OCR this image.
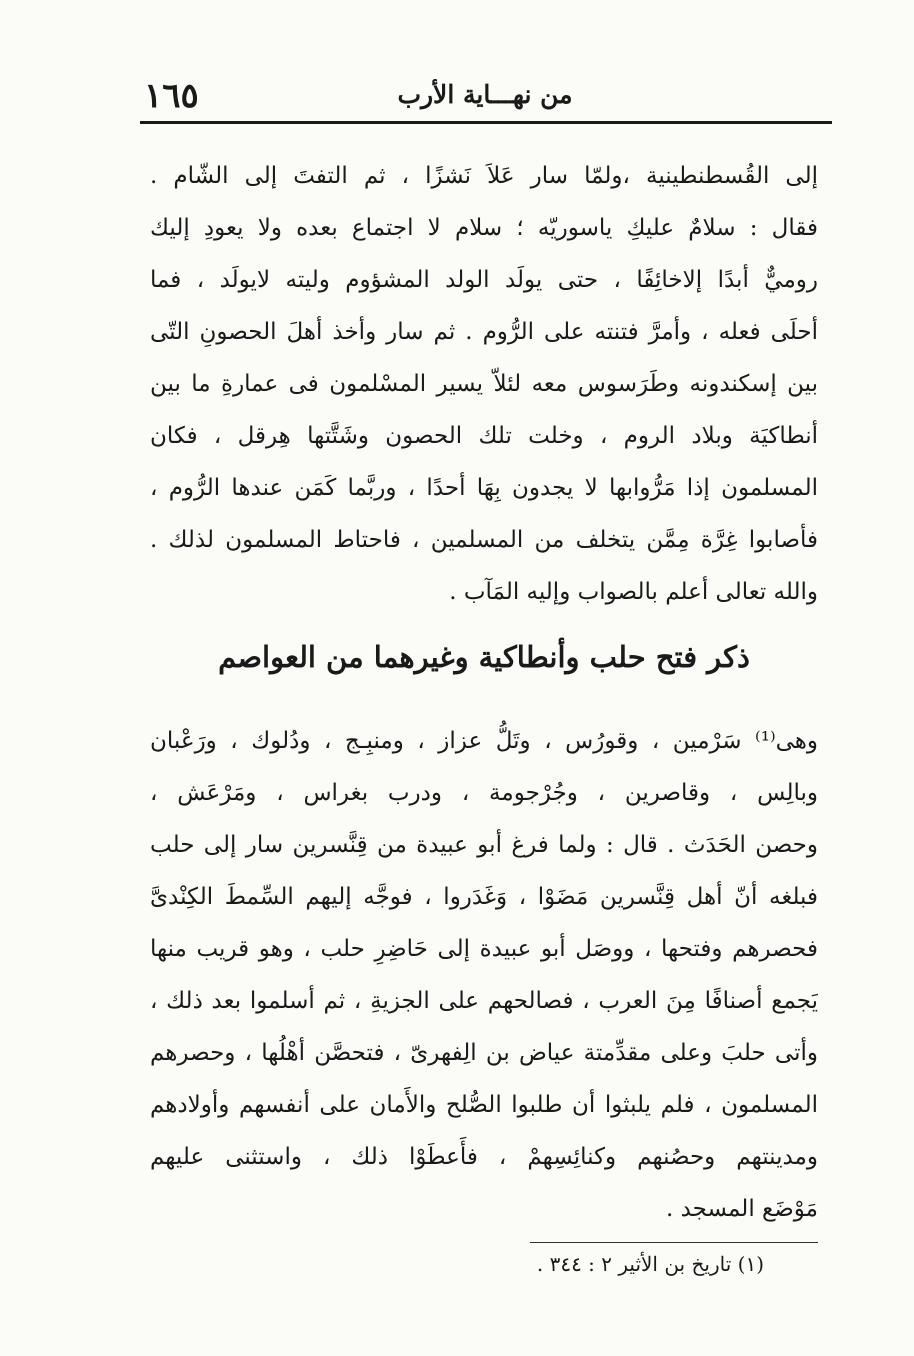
١٦٥	من نهـــاية الأرب
إلى القُسطنطينية ،ولمّا سار عَلاَ نَشزًا ، ثم التفتَ إلى الشّام .
فقال : سلامٌ عليكِ ياسوريّه ؛ سلام لا اجتماع بعده ولا يعودِ إليك
روميٌّ أبدًا إلاخائِفًا ، حتى يولَد الولد المشؤوم وليته لايولَد ، فما
أحلَى فعله ، وأمرَّ فتنته على الرُّوم . ثم سار وأخذ أهلَ الحصونِ التّى
بين إسكندونه وطَرَسوس معه لئلاّ يسير المسْلمون فى عمارةِ ما بين
أنطاكيَة وبلاد الروم ، وخلت تلك الحصون وشَتَّتها هِرقل ، فكان
المسلمون إذا مَرُّوابها لا يجدون بِهَا أحدًا ، وربَّما كَمَن عندها الرُّوم ،
فأصابوا غِرَّة مِمَّن يتخلف من المسلمين ، فاحتاط المسلمون لذلك .
والله تعالى أعلم بالصواب وإليه المَآب .
ذكر فتح حلب وأنطاكية وغيرهما من العواصم
وهى⁽¹⁾ سَرْمين ، وقورُس ، وتَلُّ عزاز ، ومنبِـج ، ودُلوك ، ورَعْبان
وبالِس ، وقاصرين ، وجُرْجومة ، ودرب بغراس ، ومَرْعَش ،
وحصن الحَدَث . قال : ولما فرغ أبو عبيدة من قِنَّسرين سار إلى حلب
فبلغه أنّ أهل قِنَّسرين مَضَوْا ، وَغَدَروا ، فوجَّه إليهم السِّمطَ الكِنْدىَّ
فحصرهم وفتحها ، ووصَل أبو عبيدة إلى حَاضِرِ حلب ، وهو قريب منها
يَجمع أصنافًا مِنَ العرب ، فصالحهم على الجزيةِ ، ثم أسلموا بعد ذلك ،
وأتى حلبَ وعلى مقدِّمتة عياض بن الِفهرىّ ، فتحصَّن أهْلُها ، وحصرهم
المسلمون ، فلم يلبثوا أن طلبوا الصُّلح والأَمان على أنفسهم وأولادهم
ومدينتهم وحصُنهم وكنائِسِهمْ ، فأَعطَوْا ذلك ، واستثنى عليهم
مَوْضَع المسجد .
(١) تاريخ بن الأثير ٢ : ٣٤٤ .
